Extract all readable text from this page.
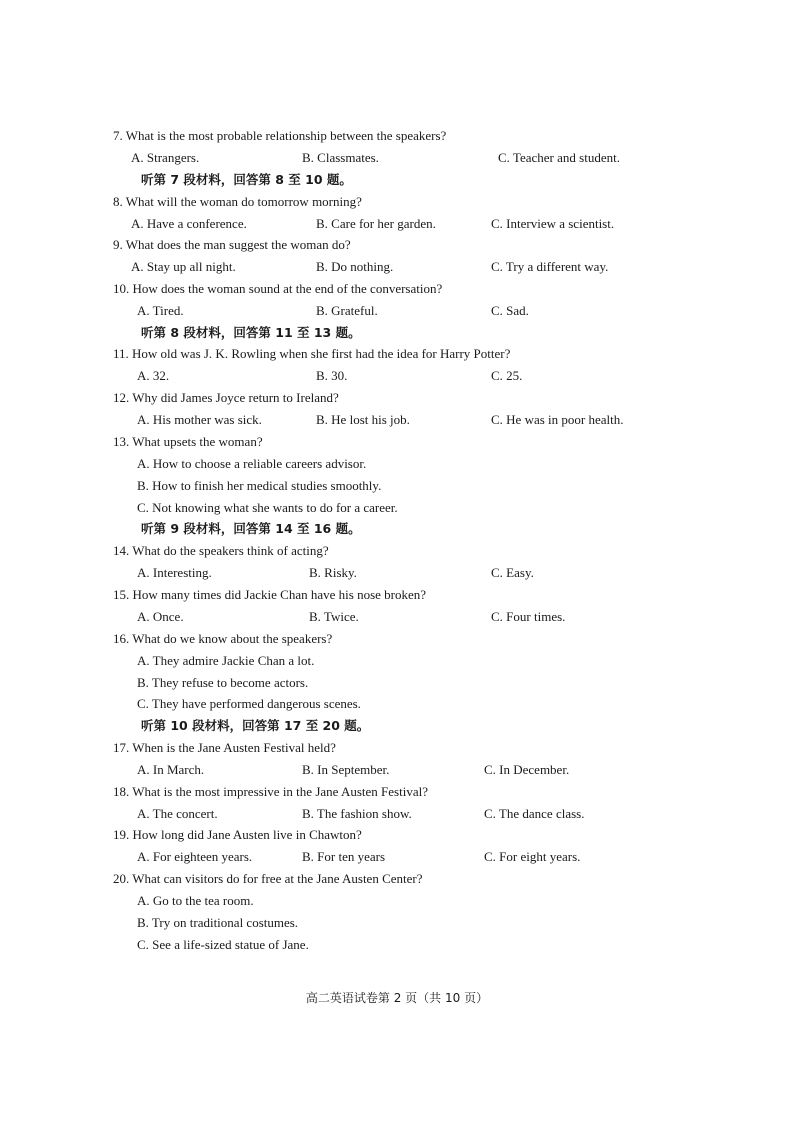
7. What is the most probable relationship between the speakers?
A. Strangers.	B. Classmates.	C. Teacher and student.
听第 7 段材料，回答第 8 至 10 题。
8. What will the woman do tomorrow morning?
A. Have a conference.	B. Care for her garden.	C. Interview a scientist.
9. What does the man suggest the woman do?
A. Stay up all night.	B. Do nothing.	C. Try a different way.
10. How does the woman sound at the end of the conversation?
A. Tired.	B. Grateful.	C. Sad.
听第 8 段材料，回答第 11 至 13 题。
11. How old was J. K. Rowling when she first had the idea for Harry Potter?
A. 32.	B. 30.	C. 25.
12. Why did James Joyce return to Ireland?
A. His mother was sick.	B. He lost his job.	C. He was in poor health.
13. What upsets the woman?
A. How to choose a reliable careers advisor.
B. How to finish her medical studies smoothly.
C. Not knowing what she wants to do for a career.
听第 9 段材料，回答第 14 至 16 题。
14. What do the speakers think of acting?
A. Interesting.	B. Risky.	C. Easy.
15. How many times did Jackie Chan have his nose broken?
A. Once.	B. Twice.	C. Four times.
16. What do we know about the speakers?
A. They admire Jackie Chan a lot.
B. They refuse to become actors.
C. They have performed dangerous scenes.
听第 10 段材料，回答第 17 至 20 题。
17. When is the Jane Austen Festival held?
A. In March.	B. In September.	C. In December.
18. What is the most impressive in the Jane Austen Festival?
A. The concert.	B. The fashion show.	C. The dance class.
19. How long did Jane Austen live in Chawton?
A. For eighteen years.	B. For ten years	C. For eight years.
20. What can visitors do for free at the Jane Austen Center?
A. Go to the tea room.
B. Try on traditional costumes.
C. See a life-sized statue of Jane.
高二英语试卷第 2 页（共 10 页）
